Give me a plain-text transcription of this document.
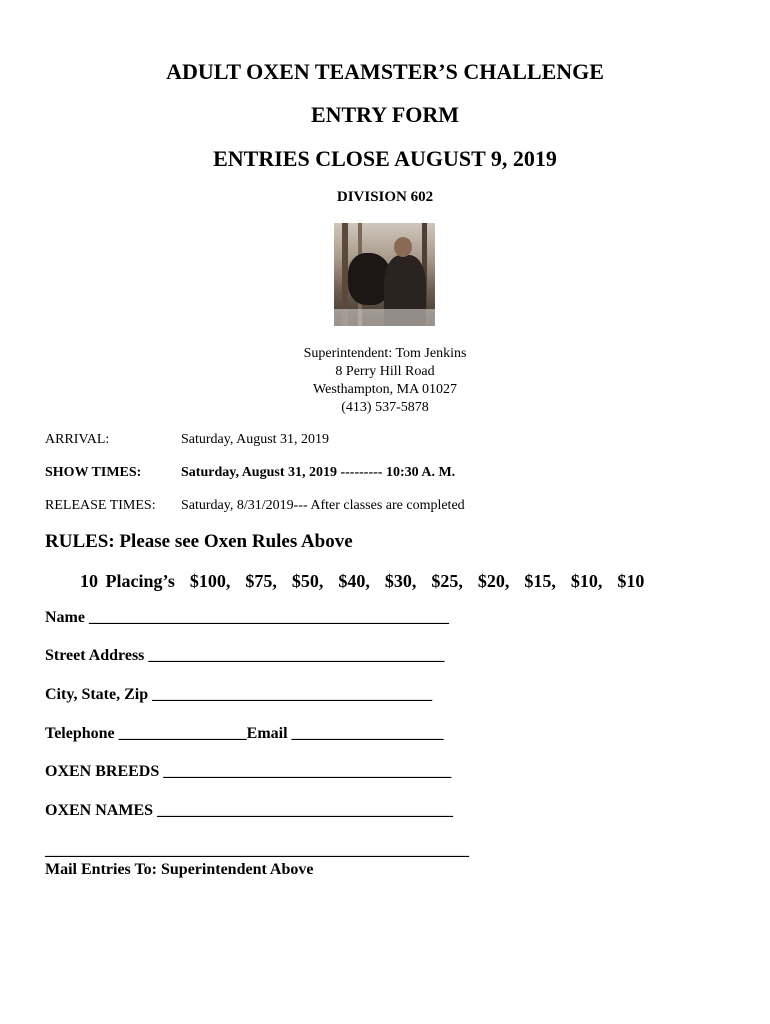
ADULT OXEN TEAMSTER’S CHALLENGE
ENTRY FORM
ENTRIES CLOSE AUGUST 9, 2019
DIVISION 602
Superintendent: Tom Jenkins
8 Perry Hill Road
Westhampton, MA 01027
(413) 537-5878
ARRIVAL:	Saturday, August 31, 2019
SHOW TIMES:	Saturday, August 31, 2019 --------- 10:30 A. M.
RELEASE TIMES: Saturday, 8/31/2019--- After classes are completed
RULES: Please see Oxen Rules Above
10 Placing’s  $100,  $75,  $50,  $40,  $30,  $25,  $20,  $15,  $10,  $10
Name _____________________________________________
Street Address _____________________________________
City, State, Zip ___________________________________
Telephone ________________Email ___________________
OXEN BREEDS ____________________________________
OXEN NAMES _____________________________________
_____________________________________________________
Mail Entries To: Superintendent Above
